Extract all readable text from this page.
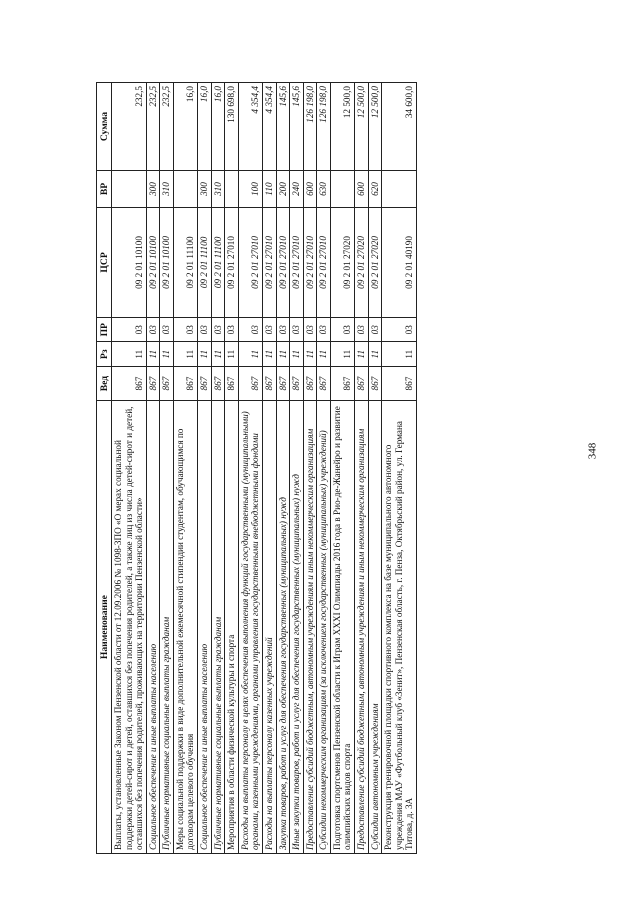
348
Наименование	Вед	Рз	ПР	ЦСР	ВР	Сумма
Выплаты, установленные Законом Пензенской области от 12.09.2006 № 1098-ЗПО «О мерах социальной поддержки детей-сирот и детей, оставшихся без попечения родителей, а также лиц из числа детей-сирот и детей, оставшихся без попечения родителей, проживающих на территории Пензенской области»	867	11	03	09 2 01 10100		232,5
Социальное обеспечение и иные выплаты населению	867	11	03	09 2 01 10100	300	232,5
Публичные нормативные социальные выплаты гражданам	867	11	03	09 2 01 10100	310	232,5
Меры социальной поддержки в виде дополнительной ежемесячной стипендии студентам, обучающимся по договорам целевого обучения	867	11	03	09 2 01 11100		16,0
Социальное обеспечение и иные выплаты населению	867	11	03	09 2 01 11100	300	16,0
Публичные нормативные социальные выплаты гражданам	867	11	03	09 2 01 11100	310	16,0
Мероприятия в области физической культуры и спорта	867	11	03	09 2 01 27010		130 698,0
Расходы на выплаты персоналу в целях обеспечения выполнения функций государственными (муниципальными) органами, казенными учреждениями, органами управления государственными внебюджетными фондами	867	11	03	09 2 01 27010	100	4 354,4
Расходы на выплаты персоналу казенных учреждений	867	11	03	09 2 01 27010	110	4 354,4
Закупка товаров, работ и услуг для обеспечения государственных (муниципальных) нужд	867	11	03	09 2 01 27010	200	145,6
Иные закупки товаров, работ и услуг для обеспечения государственных (муниципальных) нужд	867	11	03	09 2 01 27010	240	145,6
Предоставление субсидий бюджетным, автономным учреждениям и иным некоммерческим организациям	867	11	03	09 2 01 27010	600	126 198,0
Субсидии некоммерческим организациям (за исключением государственных (муниципальных) учреждений)	867	11	03	09 2 01 27010	630	126 198,0
Подготовка спортсменов Пензенской области к Играм XXXI Олимпиады 2016 года в Рио-де-Жанейро и развитие олимпийских видов спорта	867	11	03	09 2 01 27020		12 500,0
Предоставление субсидий бюджетным, автономным учреждениям и иным некоммерческим организациям	867	11	03	09 2 01 27020	600	12 500,0
Субсидии автономным учреждениям	867	11	03	09 2 01 27020	620	12 500,0
Реконструкция тренировочной площадки спортивного комплекса на базе муниципального автономного учреждения МАУ «Футбольный клуб «Зенит», Пензенская область, г. Пенза, Октябрьский район, ул. Германа Титова, д. 3А	867	11	03	09 2 01 40190		34 600,0
